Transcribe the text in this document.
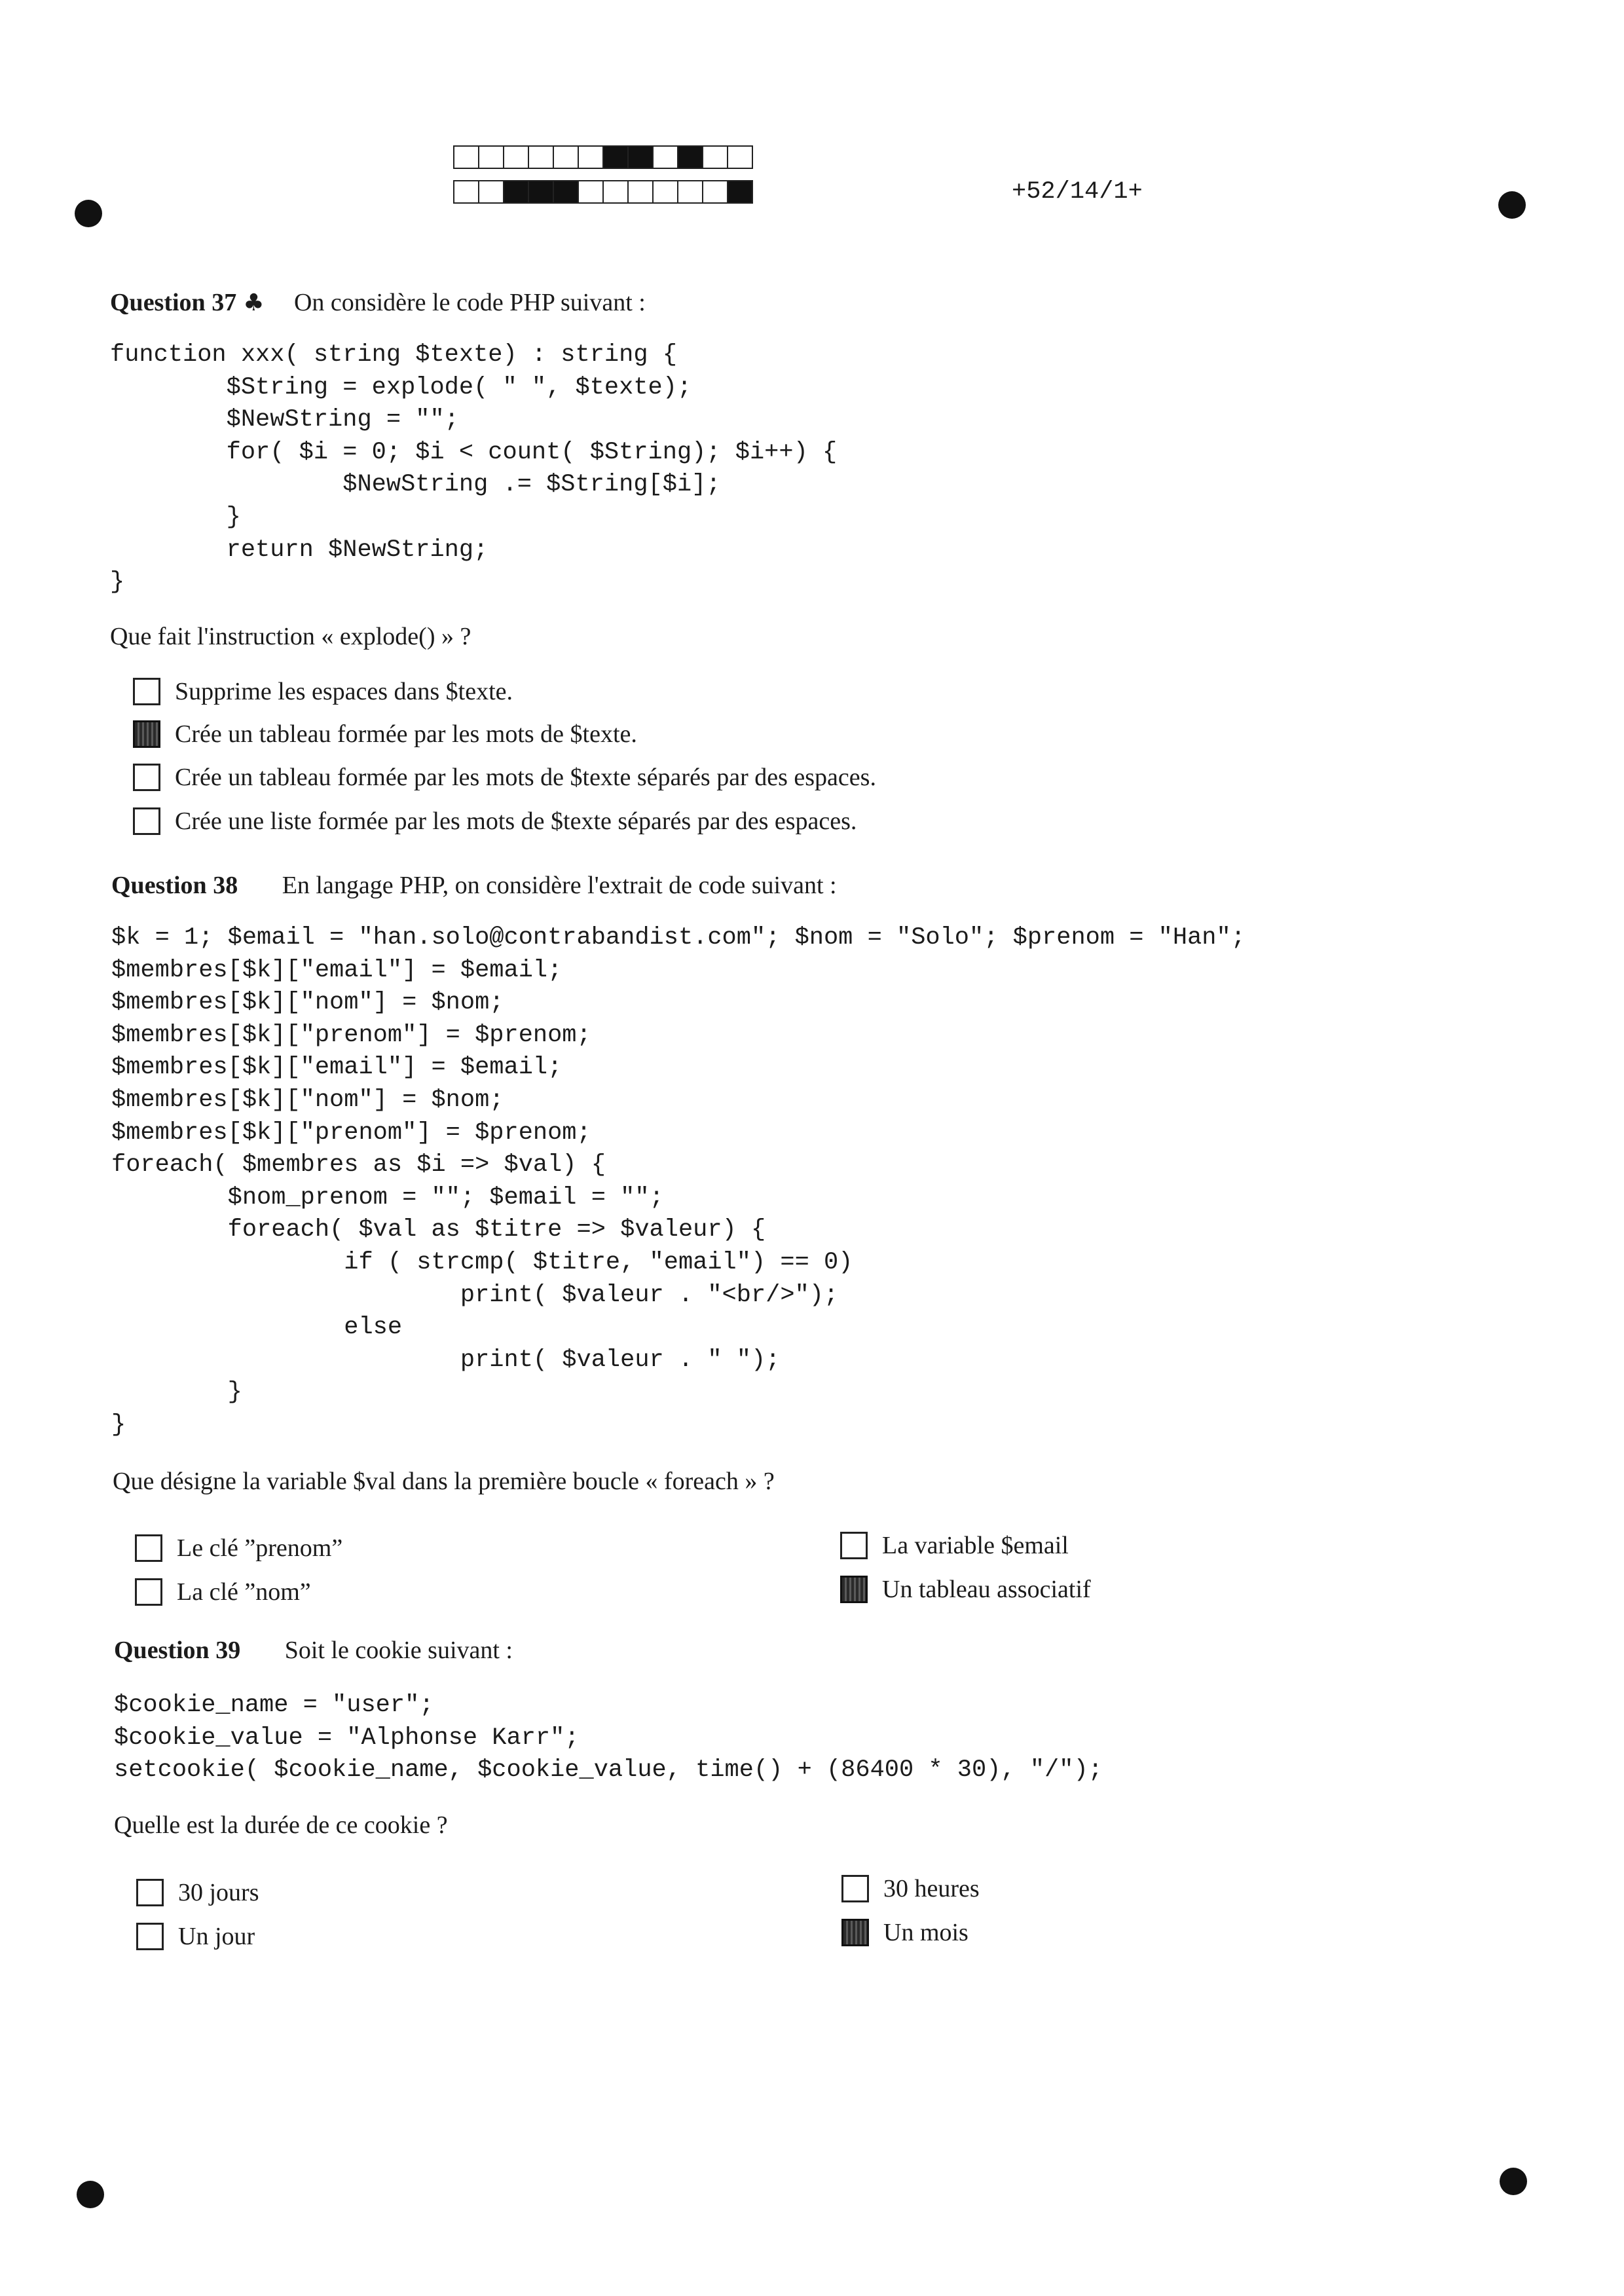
+52/14/1+
Question 37 ♣ On considère le code PHP suivant :
function xxx( string $texte) : string {
$String = explode( " ", $texte);
$NewString = "";
for( $i = 0; $i < count( $String); $i++) {
$NewString .= $String[$i];
}
return $NewString;
}
Que fait l'instruction « explode() » ?
Supprime les espaces dans $texte.
Crée un tableau formée par les mots de $texte.
Crée un tableau formée par les mots de $texte séparés par des espaces.
Crée une liste formée par les mots de $texte séparés par des espaces.
Question 38 En langage PHP, on considère l'extrait de code suivant :
$k = 1; $email = "han.solo@contrabandist.com"; $nom = "Solo"; $prenom = "Han";
$membres[$k]["email"] = $email;
$membres[$k]["nom"] = $nom;
$membres[$k]["prenom"] = $prenom;
$membres[$k]["email"] = $email;
$membres[$k]["nom"] = $nom;
$membres[$k]["prenom"] = $prenom;
foreach( $membres as $i => $val) {
$nom_prenom = ""; $email = "";
foreach( $val as $titre => $valeur) {
if ( strcmp( $titre, "email") == 0)
print( $valeur . "<br/>");
else
print( $valeur . " ");
}
}
Que désigne la variable $val dans la première boucle « foreach » ?
Le clé ”prenom”
La clé ”nom”
La variable $email
Un tableau associatif
Question 39 Soit le cookie suivant :
$cookie_name = "user";
$cookie_value = "Alphonse Karr";
setcookie( $cookie_name, $cookie_value, time() + (86400 * 30), "/");
Quelle est la durée de ce cookie ?
30 jours
Un jour
30 heures
Un mois
